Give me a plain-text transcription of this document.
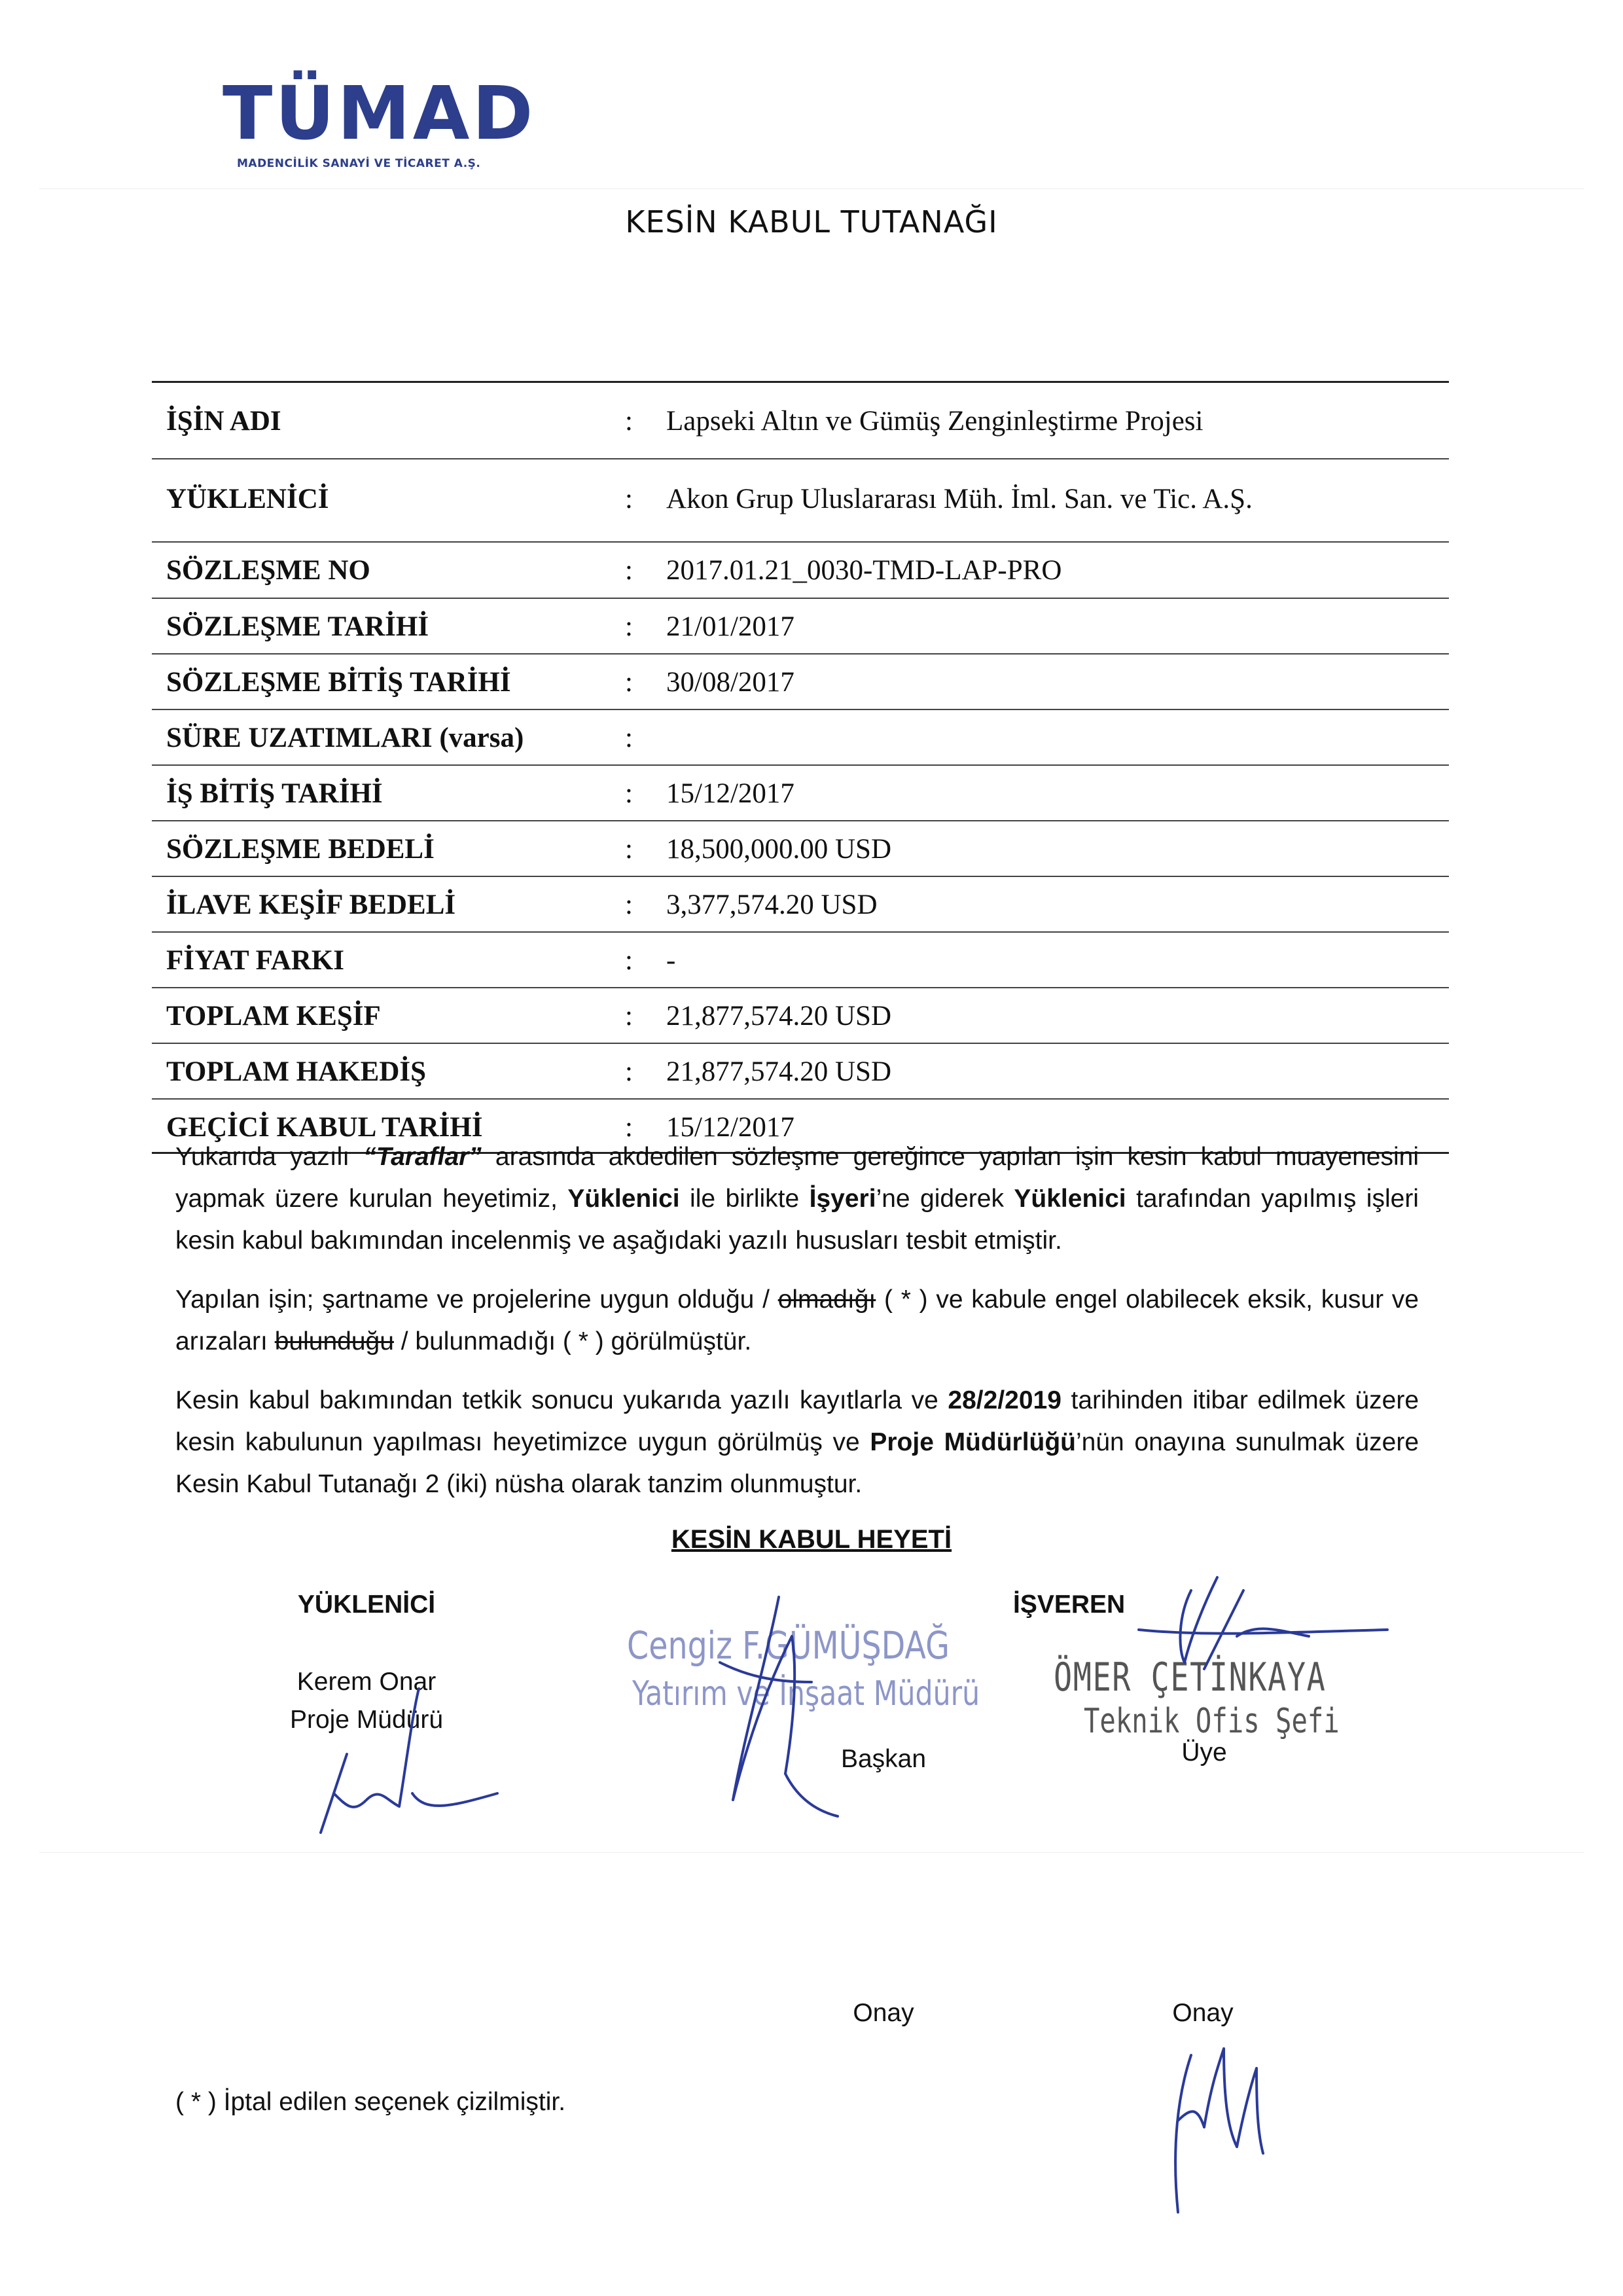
TÜMAD
MADENCİLİK SANAYİ VE TİCARET A.Ş.
KESİN KABUL TUTANAĞI
İŞİN ADI	: Lapseki Altın ve Gümüş Zenginleştirme Projesi
YÜKLENİCİ	: Akon Grup Uluslararası Müh. İml. San. ve Tic. A.Ş.
SÖZLEŞME NO	: 2017.01.21_0030-TMD-LAP-PRO
SÖZLEŞME TARİHİ	: 21/01/2017
SÖZLEŞME BİTİŞ TARİHİ	: 30/08/2017
SÜRE UZATIMLARI (varsa)	:
İŞ BİTİŞ TARİHİ	: 15/12/2017
SÖZLEŞME BEDELİ	: 18,500,000.00 USD
İLAVE KEŞİF BEDELİ	: 3,377,574.20 USD
FİYAT FARKI	: -
TOPLAM KEŞİF	: 21,877,574.20 USD
TOPLAM HAKEDİŞ	: 21,877,574.20 USD
GEÇİCİ KABUL TARİHİ	: 15/12/2017
Yukarıda yazılı “Taraflar” arasında akdedilen sözleşme gereğince yapılan işin kesin kabul muayenesini yapmak üzere kurulan heyetimiz, Yüklenici ile birlikte İşyeri’ne giderek Yüklenici tarafından yapılmış işleri kesin kabul bakımından incelenmiş ve aşağıdaki yazılı hususları tesbit etmiştir.
Yapılan işin; şartname ve projelerine uygun olduğu / olmadığı ( * ) ve kabule engel olabilecek eksik, kusur ve arızaları bulunduğu / bulunmadığı ( * ) görülmüştür.
Kesin kabul bakımından tetkik sonucu yukarıda yazılı kayıtlarla ve 28/2/2019 tarihinden itibar edilmek üzere kesin kabulunun yapılması heyetimizce uygun görülmüş ve Proje Müdürlüğü’nün onayına sunulmak üzere Kesin Kabul Tutanağı 2 (iki) nüsha olarak tanzim olunmuştur.
KESİN KABUL HEYETİ
YÜKLENİCİ
Kerem Onar
Proje Müdürü
Cengiz F.GÜMÜŞDAĞ
Yatırım ve İnşaat Müdürü
Başkan
İŞVEREN
ÖMER ÇETİNKAYA
Teknik Ofis Şefi
Üye
Onay	Onay
( * ) İptal edilen seçenek çizilmiştir.
